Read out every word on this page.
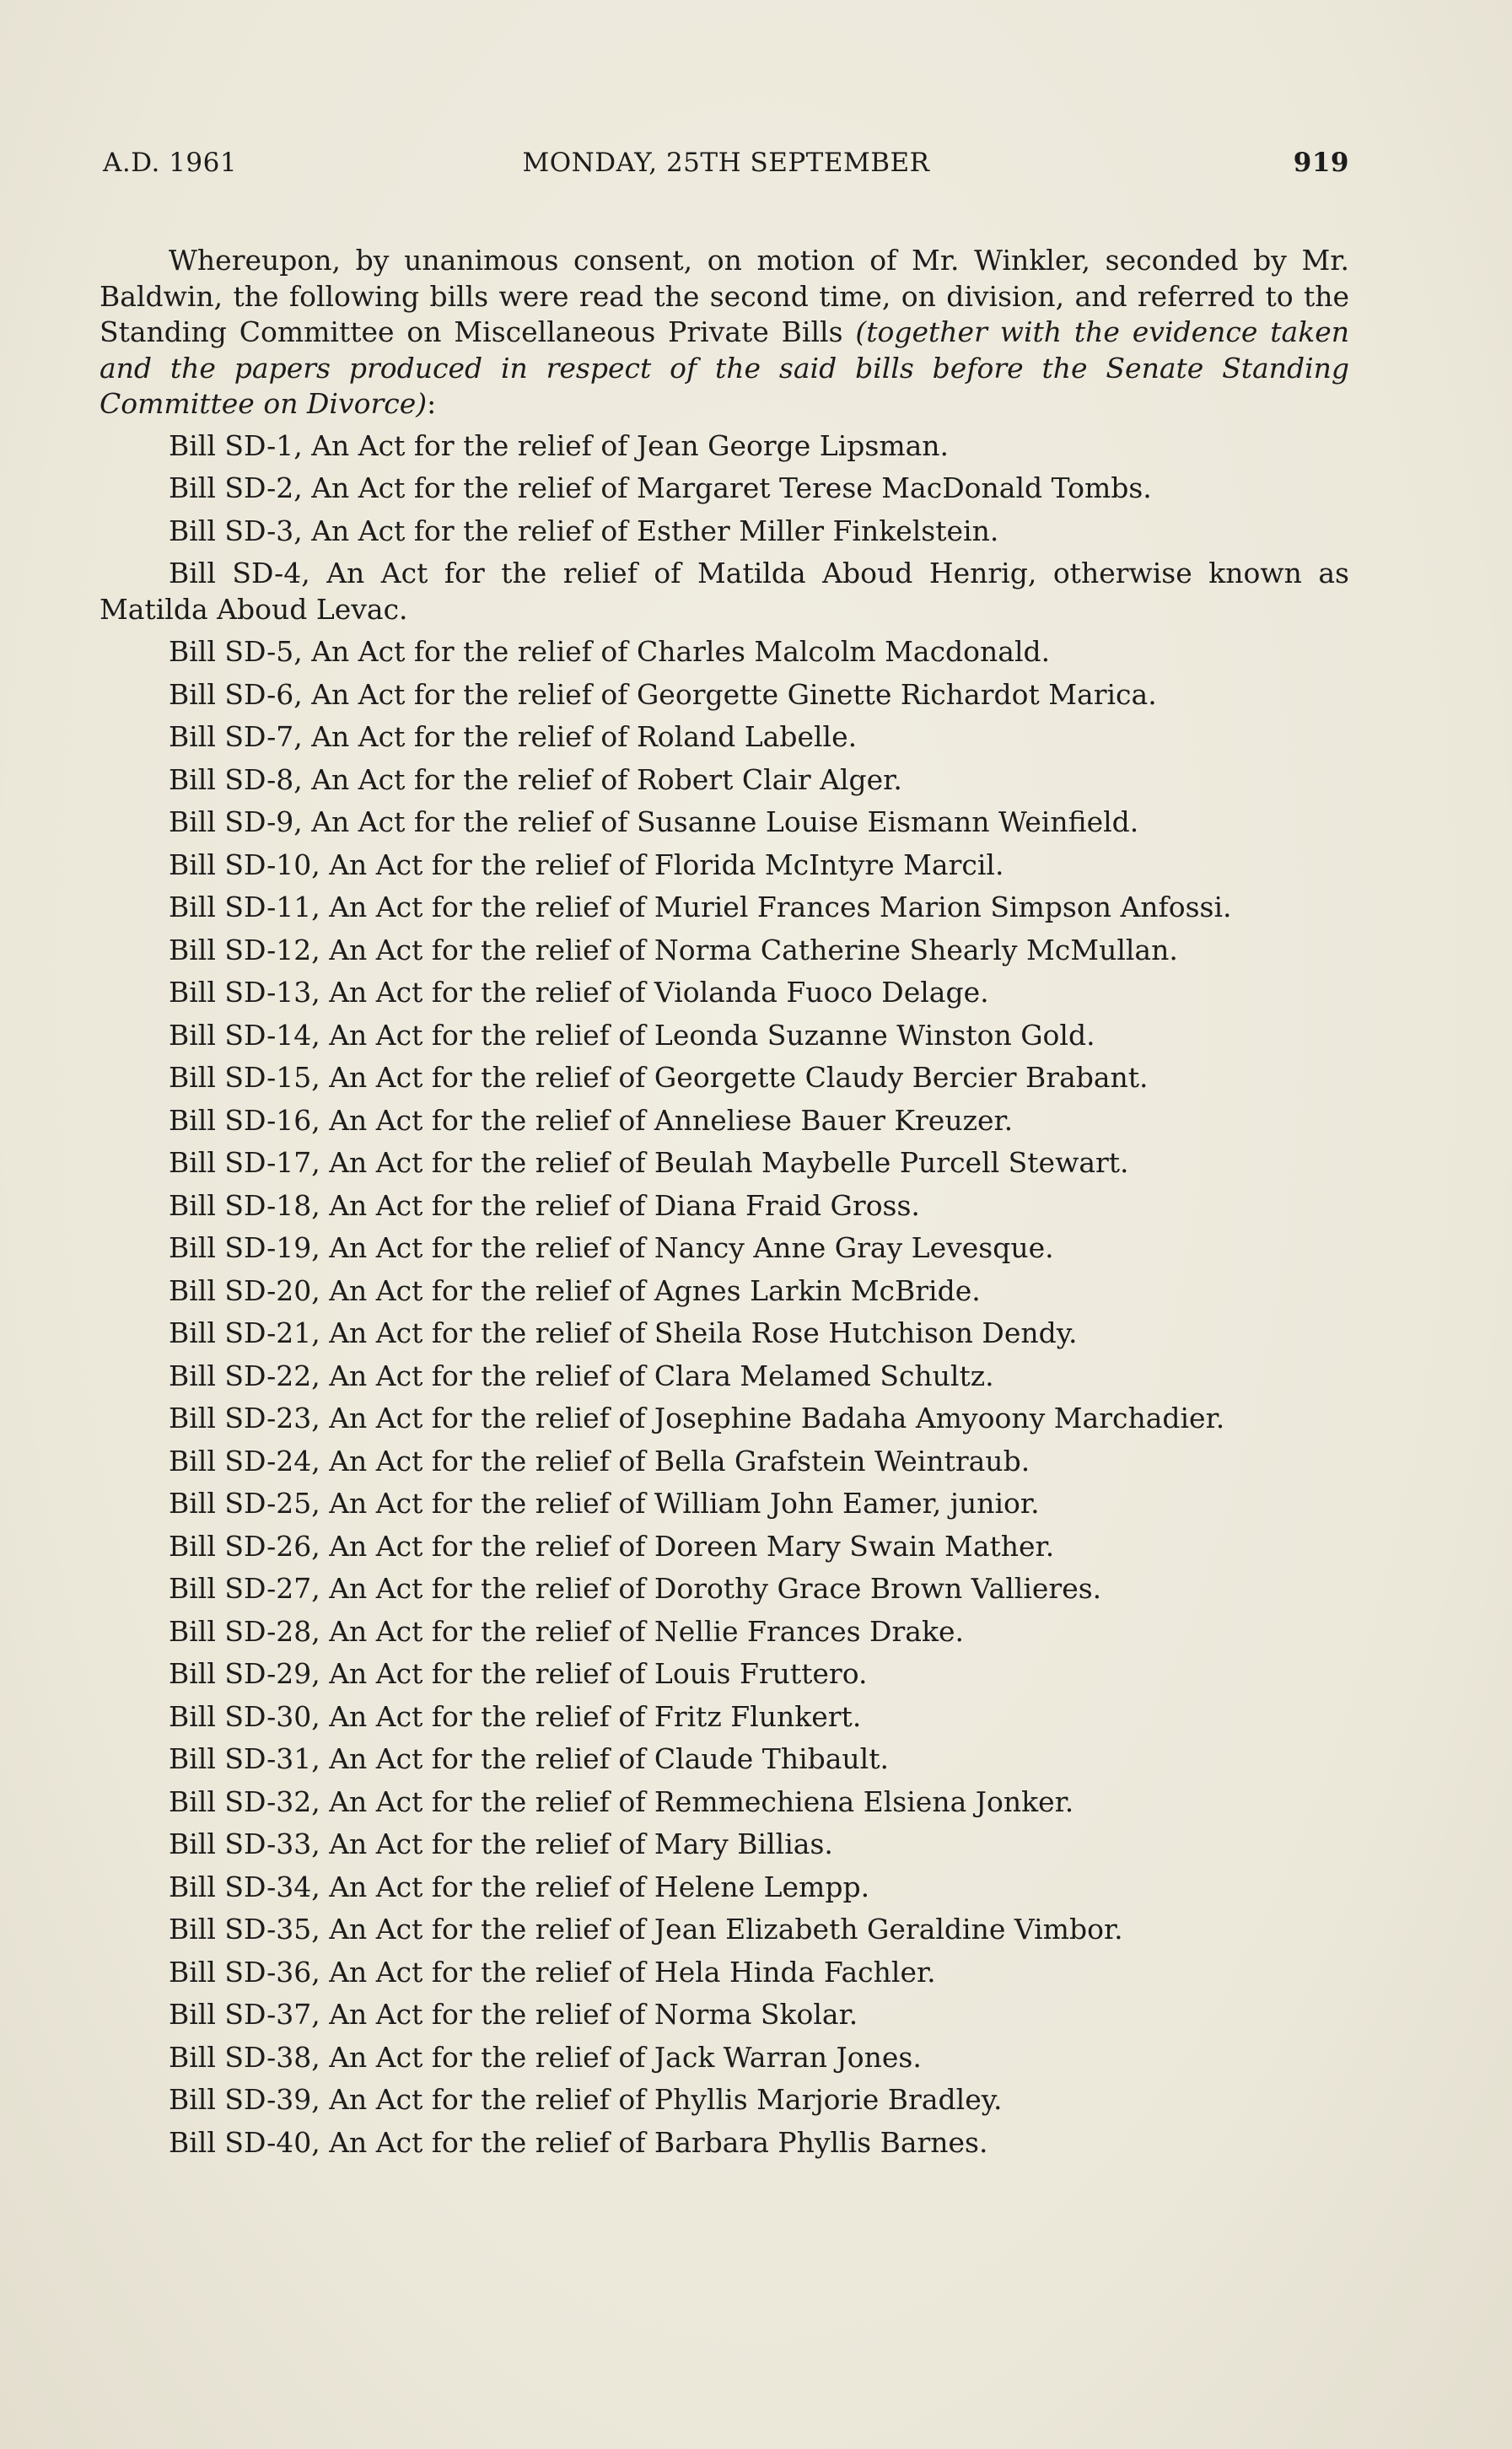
A.D. 1961	MONDAY, 25TH SEPTEMBER	919

Whereupon, by unanimous consent, on motion of Mr. Winkler, seconded by Mr. Baldwin, the following bills were read the second time, on division, and referred to the Standing Committee on Miscellaneous Private Bills (together with the evidence taken and the papers produced in respect of the said bills before the Senate Standing Committee on Divorce):

Bill SD-1, An Act for the relief of Jean George Lipsman.

Bill SD-2, An Act for the relief of Margaret Terese MacDonald Tombs.

Bill SD-3, An Act for the relief of Esther Miller Finkelstein.

Bill SD-4, An Act for the relief of Matilda Aboud Henrig, otherwise known as Matilda Aboud Levac.

Bill SD-5, An Act for the relief of Charles Malcolm Macdonald.

Bill SD-6, An Act for the relief of Georgette Ginette Richardot Marica.

Bill SD-7, An Act for the relief of Roland Labelle.

Bill SD-8, An Act for the relief of Robert Clair Alger.

Bill SD-9, An Act for the relief of Susanne Louise Eismann Weinfield.

Bill SD-10, An Act for the relief of Florida McIntyre Marcil.

Bill SD-11, An Act for the relief of Muriel Frances Marion Simpson Anfossi.

Bill SD-12, An Act for the relief of Norma Catherine Shearly McMullan.

Bill SD-13, An Act for the relief of Violanda Fuoco Delage.

Bill SD-14, An Act for the relief of Leonda Suzanne Winston Gold.

Bill SD-15, An Act for the relief of Georgette Claudy Bercier Brabant.

Bill SD-16, An Act for the relief of Anneliese Bauer Kreuzer.

Bill SD-17, An Act for the relief of Beulah Maybelle Purcell Stewart.

Bill SD-18, An Act for the relief of Diana Fraid Gross.

Bill SD-19, An Act for the relief of Nancy Anne Gray Levesque.

Bill SD-20, An Act for the relief of Agnes Larkin McBride.

Bill SD-21, An Act for the relief of Sheila Rose Hutchison Dendy.

Bill SD-22, An Act for the relief of Clara Melamed Schultz.

Bill SD-23, An Act for the relief of Josephine Badaha Amyoony Marchadier.

Bill SD-24, An Act for the relief of Bella Grafstein Weintraub.

Bill SD-25, An Act for the relief of William John Eamer, junior.

Bill SD-26, An Act for the relief of Doreen Mary Swain Mather.

Bill SD-27, An Act for the relief of Dorothy Grace Brown Vallieres.

Bill SD-28, An Act for the relief of Nellie Frances Drake.

Bill SD-29, An Act for the relief of Louis Fruttero.

Bill SD-30, An Act for the relief of Fritz Flunkert.

Bill SD-31, An Act for the relief of Claude Thibault.

Bill SD-32, An Act for the relief of Remmechiena Elsiena Jonker.

Bill SD-33, An Act for the relief of Mary Billias.

Bill SD-34, An Act for the relief of Helene Lempp.

Bill SD-35, An Act for the relief of Jean Elizabeth Geraldine Vimbor.

Bill SD-36, An Act for the relief of Hela Hinda Fachler.

Bill SD-37, An Act for the relief of Norma Skolar.

Bill SD-38, An Act for the relief of Jack Warran Jones.

Bill SD-39, An Act for the relief of Phyllis Marjorie Bradley.

Bill SD-40, An Act for the relief of Barbara Phyllis Barnes.
